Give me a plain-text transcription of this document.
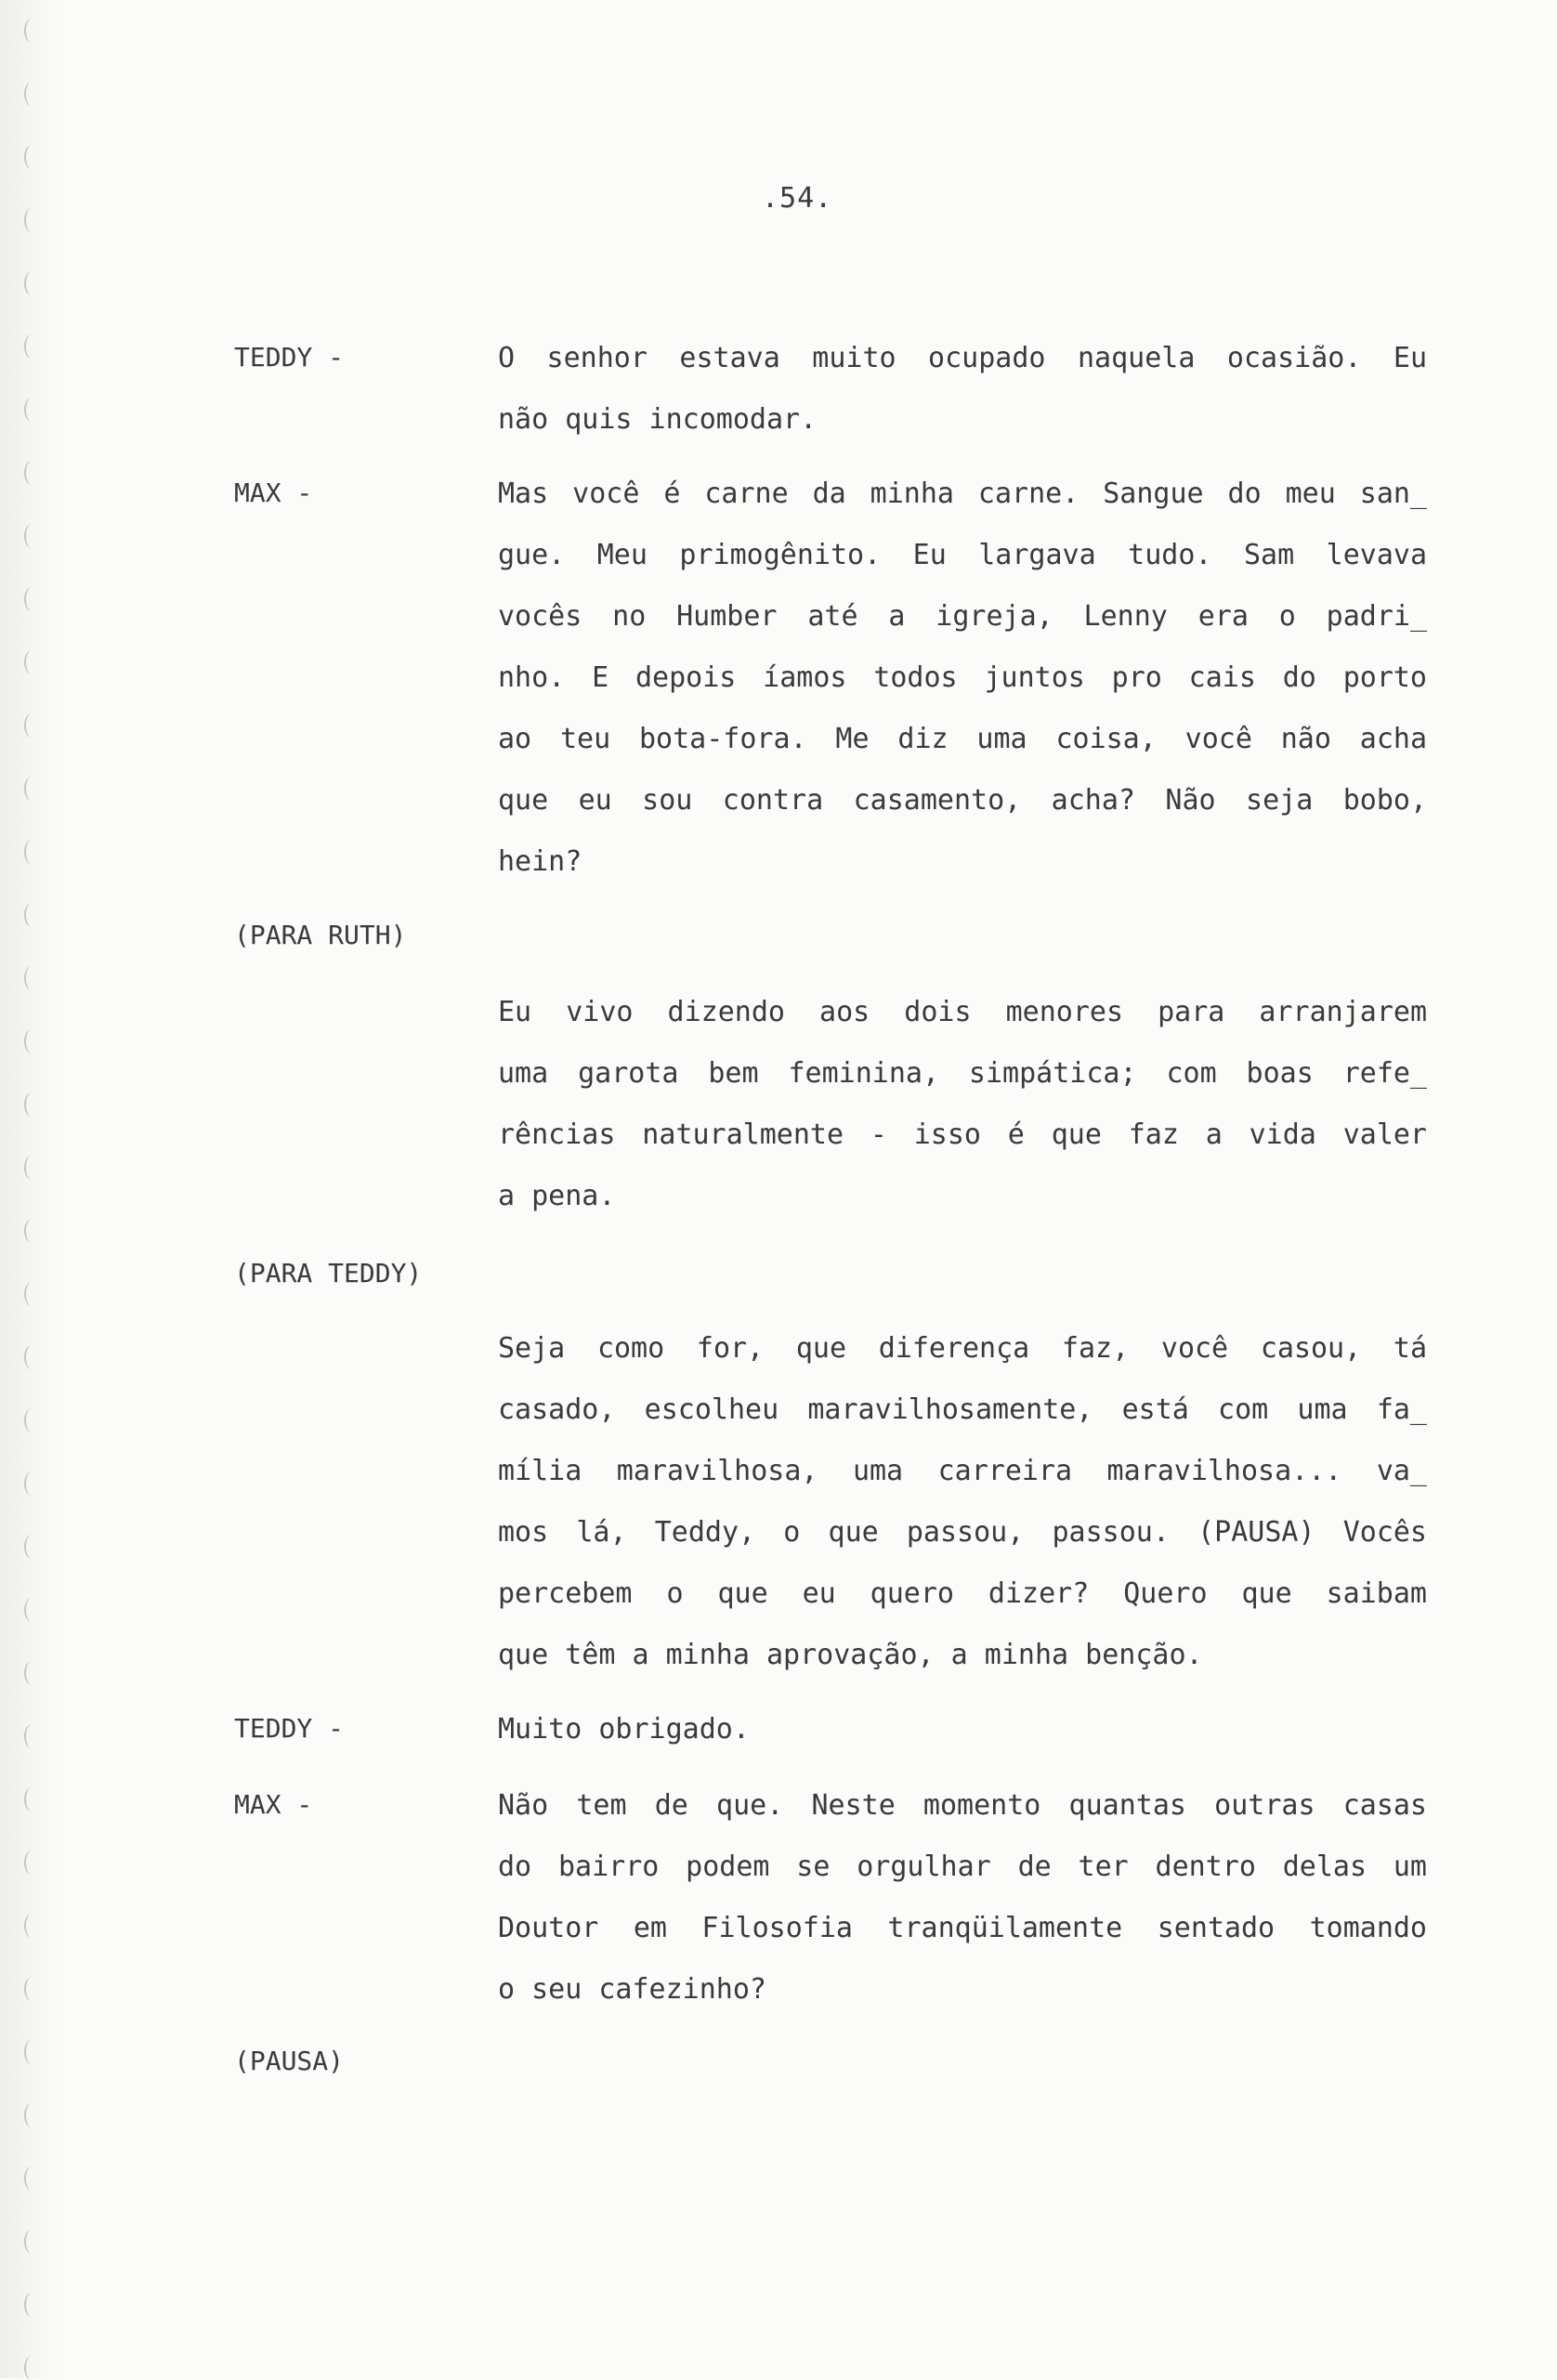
.54.
TEDDY -	O senhor estava muito ocupado naquela ocasião. Eu
não quis incomodar.
MAX -	Mas você é carne da minha carne. Sangue do meu san_
gue. Meu primogênito. Eu largava tudo. Sam levava
vocês no Humber até a igreja, Lenny era o padri_
nho. E depois íamos todos juntos pro cais do porto
ao teu bota-fora. Me diz uma coisa, você não acha
que eu sou contra casamento, acha? Não seja bobo,
hein?
(PARA RUTH)
Eu vivo dizendo aos dois menores para arranjarem
uma garota bem feminina, simpática; com boas refe_
rências naturalmente - isso é que faz a vida valer
a pena.
(PARA TEDDY)
Seja como for, que diferença faz, você casou, tá
casado, escolheu maravilhosamente, está com uma fa_
mília maravilhosa, uma carreira maravilhosa... va_
mos lá, Teddy, o que passou, passou. (PAUSA) Vocês
percebem o que eu quero dizer? Quero que saibam
que têm a minha aprovação, a minha benção.
TEDDY -	Muito obrigado.
MAX -	Não tem de que. Neste momento quantas outras casas
do bairro podem se orgulhar de ter dentro delas um
Doutor em Filosofia tranqüilamente sentado tomando
o seu cafezinho?
(PAUSA)
